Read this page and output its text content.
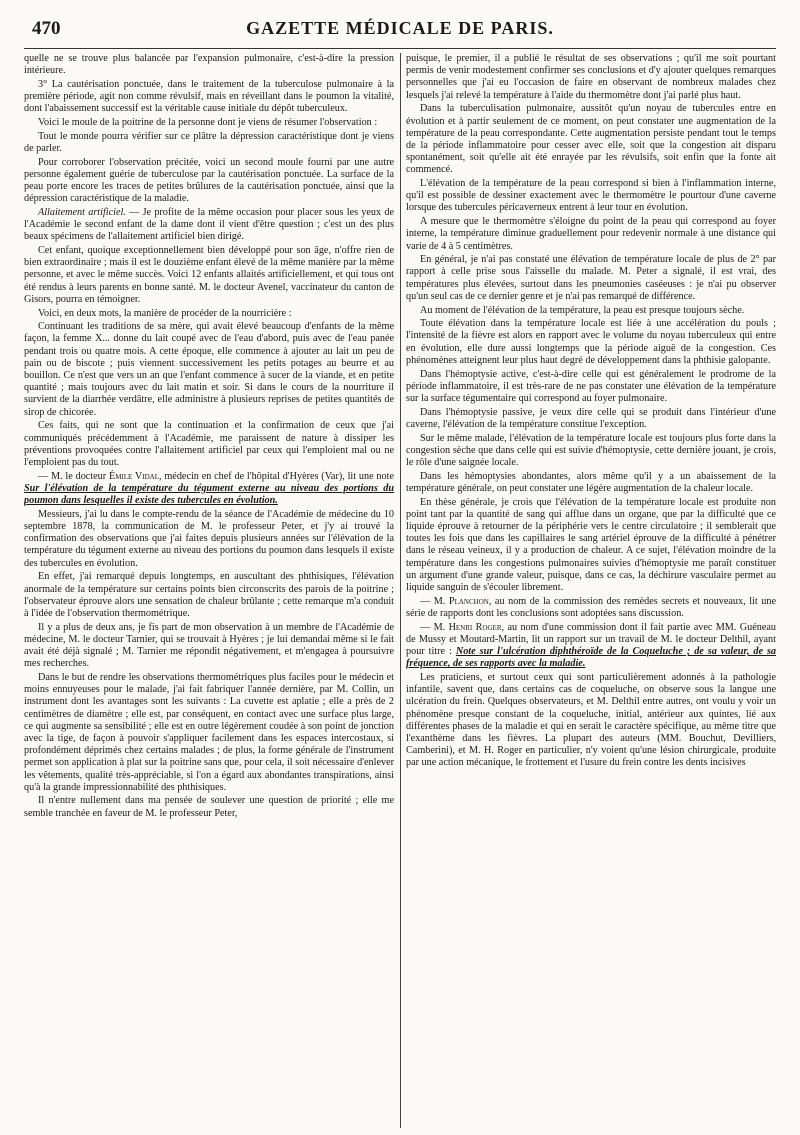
470	GAZETTE MÉDICALE DE PARIS.

quelle ne se trouve plus balancée par l'expansion pulmonaire, c'est-à-dire la pression intérieure.

3° La cautérisation ponctuée, dans le traitement de la tuberculose pulmonaire à la première période, agit non comme révulsif, mais en réveillant dans le poumon la vitalité, dont l'abaissement successif est la véritable cause initiale du dépôt tuberculeux.

Voici le moule de la poitrine de la personne dont je viens de résumer l'observation :

Tout le monde pourra vérifier sur ce plâtre la dépression caractéristique dont je viens de parler.

Pour corroborer l'observation précitée, voici un second moule fourni par une autre personne également guérie de tuberculose par la cautérisation ponctuée. La surface de la peau porte encore les traces de petites brûlures de la cautérisation ponctuée, ainsi que la dépression caractéristique de la maladie.

Allaitement artificiel. — Je profite de la même occasion pour placer sous les yeux de l'Académie le second enfant de la dame dont il vient d'être question ; c'est un des plus beaux spécimens de l'allaitement artificiel bien dirigé.

Cet enfant, quoique exceptionnellement bien développé pour son âge, n'offre rien de bien extraordinaire ; mais il est le douzième enfant élevé de la même manière par la même personne, et avec le même succès. Voici 12 enfants allaités artificiellement, et qui tous ont été rendus à leurs parents en bonne santé. M. le docteur Avenel, vaccinateur du canton de Gisors, pourra en témoigner.

Voici, en deux mots, la manière de procéder de la nourricière :

Continuant les traditions de sa mère, qui avait élevé beaucoup d'enfants de la même façon, la femme X... donne du lait coupé avec de l'eau d'abord, puis avec de l'eau panée pendant trois ou quatre mois. A cette époque, elle commence à ajouter au lait un peu de pain ou de biscote ; puis viennent successivement les petits potages au beurre et au bouillon. Ce n'est que vers un an que l'enfant commence à sucer de la viande, et en petite quantité ; mais toujours avec du lait matin et soir. Si dans le cours de la nourriture il survient de la diarrhée verdâtre, elle administre à plusieurs reprises de petites quantités de sirop de chicorée.

Ces faits, qui ne sont que la continuation et la confirmation de ceux que j'ai communiqués précédemment à l'Académie, me paraissent de nature à dissiper les préventions provoquées contre l'allaitement artificiel par ceux qui l'emploient mal ou ne l'emploient pas du tout.

— M. le docteur Émile Vidal, médecin en chef de l'hôpital d'Hyères (Var), lit une note Sur l'élévation de la température du tégument externe au niveau des portions du poumon dans lesquelles il existe des tubercules en évolution.

Messieurs, j'ai lu dans le compte-rendu de la séance de l'Académie de médecine du 10 septembre 1878, la communication de M. le professeur Peter, et j'y ai trouvé la confirmation des observations que j'ai faites depuis plusieurs années sur l'élévation de la température du tégument externe au niveau des portions du poumon dans lesquels il existe des tubercules en évolution.

En effet, j'ai remarqué depuis longtemps, en auscultant des phthisiques, l'élévation anormale de la température sur certains points bien circonscrits des parois de la poitrine ; l'observateur éprouve alors une sensation de chaleur brûlante ; cette remarque m'a conduit à l'idée de l'observation thermométrique.

Il y a plus de deux ans, je fis part de mon observation à un membre de l'Académie de médecine, M. le docteur Tarnier, qui se trouvait à Hyères ; je lui demandai même si le fait avait été déjà signalé ; M. Tarnier me répondit négativement, et m'engagea à poursuivre mes recherches.

Dans le but de rendre les observations thermométriques plus faciles pour le médecin et moins ennuyeuses pour le malade, j'ai fait fabriquer l'année dernière, par M. Collin, un instrument dont les avantages sont les suivants : La cuvette est aplatie ; elle a près de 2 centimètres de diamètre ; elle est, par conséquent, en contact avec une surface plus large, ce qui augmente sa sensibilité ; elle est en outre légèrement coudée à son point de jonction avec la tige, de façon à pouvoir s'appliquer facilement dans les espaces intercostaux, si profondément déprimés chez certains malades ; de plus, la forme générale de l'instrument permet son application à plat sur la poitrine sans que, pour cela, il soit nécessaire d'enlever les vêtements, qualité très-appréciable, si l'on a égard aux abondantes transpirations, ainsi qu'à la grande impressionnabilité des phthisiques.

Il n'entre nullement dans ma pensée de soulever une question de priorité ; elle me semble tranchée en faveur de M. le professeur Peter,

puisque, le premier, il a publié le résultat de ses observations ; qu'il me soit pourtant permis de venir modestement confirmer ses conclusions et d'y ajouter quelques remarques personnelles que j'ai eu l'occasion de faire en observant de nombreux malades chez lesquels j'ai relevé la température à l'aide du thermomètre dont j'ai parlé plus haut.

Dans la tuberculisation pulmonaire, aussitôt qu'un noyau de tubercules entre en évolution et à partir seulement de ce moment, on peut constater une augmentation de la température de la peau correspondante. Cette augmentation persiste pendant tout le temps de la période inflammatoire pour cesser avec elle, soit que la congestion ait disparu spontanément, soit qu'elle ait été enrayée par les révulsifs, soit enfin que la fonte ait commencé.

L'élévation de la température de la peau correspond si bien à l'inflammation interne, qu'il est possible de dessiner exactement avec le thermomètre le pourtour d'une caverne lorsque des tubercules péricaverneux entrent à leur tour en évolution.

A mesure que le thermomètre s'éloigne du point de la peau qui correspond au foyer interne, la température diminue graduellement pour redevenir normale à une distance qui varie de 4 à 5 centimètres.

En général, je n'ai pas constaté une élévation de température locale de plus de 2° par rapport à celle prise sous l'aisselle du malade. M. Peter a signalé, il est vrai, des températures plus élevées, surtout dans les pneumonies caséeuses : je n'ai pu observer qu'un seul cas de ce dernier genre et je n'ai pas remarqué de différence.

Au moment de l'élévation de la température, la peau est presque toujours sèche.

Toute élévation dans la température locale est liée à une accélération du pouls ; l'intensité de la fièvre est alors en rapport avec le volume du noyau tuberculeux qui entre en évolution, elle dure aussi longtemps que la période aiguë de la congestion. Ces phénomènes atteignent leur plus haut degré de développement dans la phthisie galopante.

Dans l'hémoptysie active, c'est-à-dire celle qui est généralement le prodrome de la période inflammatoire, il est très-rare de ne pas constater une élévation de la température sur la surface tégumentaire qui correspond au foyer pulmonaire.

Dans l'hémoptysie passive, je veux dire celle qui se produit dans l'intérieur d'une caverne, l'élévation de la température constitue l'exception.

Sur le même malade, l'élévation de la température locale est toujours plus forte dans la congestion sèche que dans celle qui est suivie d'hémoptysie, cette dernière jouant, je crois, le rôle d'une saignée locale.

Dans les hémoptysies abondantes, alors même qu'il y a un abaissement de la température générale, on peut constater une légère augmentation de la chaleur locale.

En thèse générale, je crois que l'élévation de la température locale est produite non point tant par la quantité de sang qui afflue dans un organe, que par la difficulté que ce liquide éprouve à retourner de la périphérie vers le centre circulatoire ; il semblerait que toutes les fois que dans les capillaires le sang artériel éprouve de la difficulté à pénétrer dans le réseau veineux, il y a production de chaleur. A ce sujet, l'élévation moindre de la température dans les congestions pulmonaires suivies d'hémoptysie me paraît constituer un argument d'une grande valeur, puisque, dans ce cas, la déchirure vasculaire permet au liquide sanguin de s'écouler librement.

— M. Planchon, au nom de la commission des remèdes secrets et nouveaux, lit une série de rapports dont les conclusions sont adoptées sans discussion.

— M. Henri Roger, au nom d'une commission dont il fait partie avec MM. Guéneau de Mussy et Moutard-Martin, lit un rapport sur un travail de M. le docteur Delthil, ayant pour titre : Note sur l'ulcération diphthéroïde de la Coqueluche ; de sa valeur, de sa fréquence, de ses rapports avec la maladie.

Les praticiens, et surtout ceux qui sont particulièrement adonnés à la pathologie infantile, savent que, dans certains cas de coqueluche, on observe sous la langue une ulcération du frein. Quelques observateurs, et M. Delthil entre autres, ont voulu y voir un phénomène presque constant de la coqueluche, initial, antérieur aux quintes, lié aux différentes phases de la maladie et qui en serait le caractère spécifique, au même titre que l'exanthème dans les fièvres. La plupart des auteurs (MM. Bouchut, Devilliers, Camberini), et M. H. Roger en particulier, n'y voient qu'une lésion chirurgicale, produite par une action mécanique, le frottement et l'usure du frein contre les dents incisives
